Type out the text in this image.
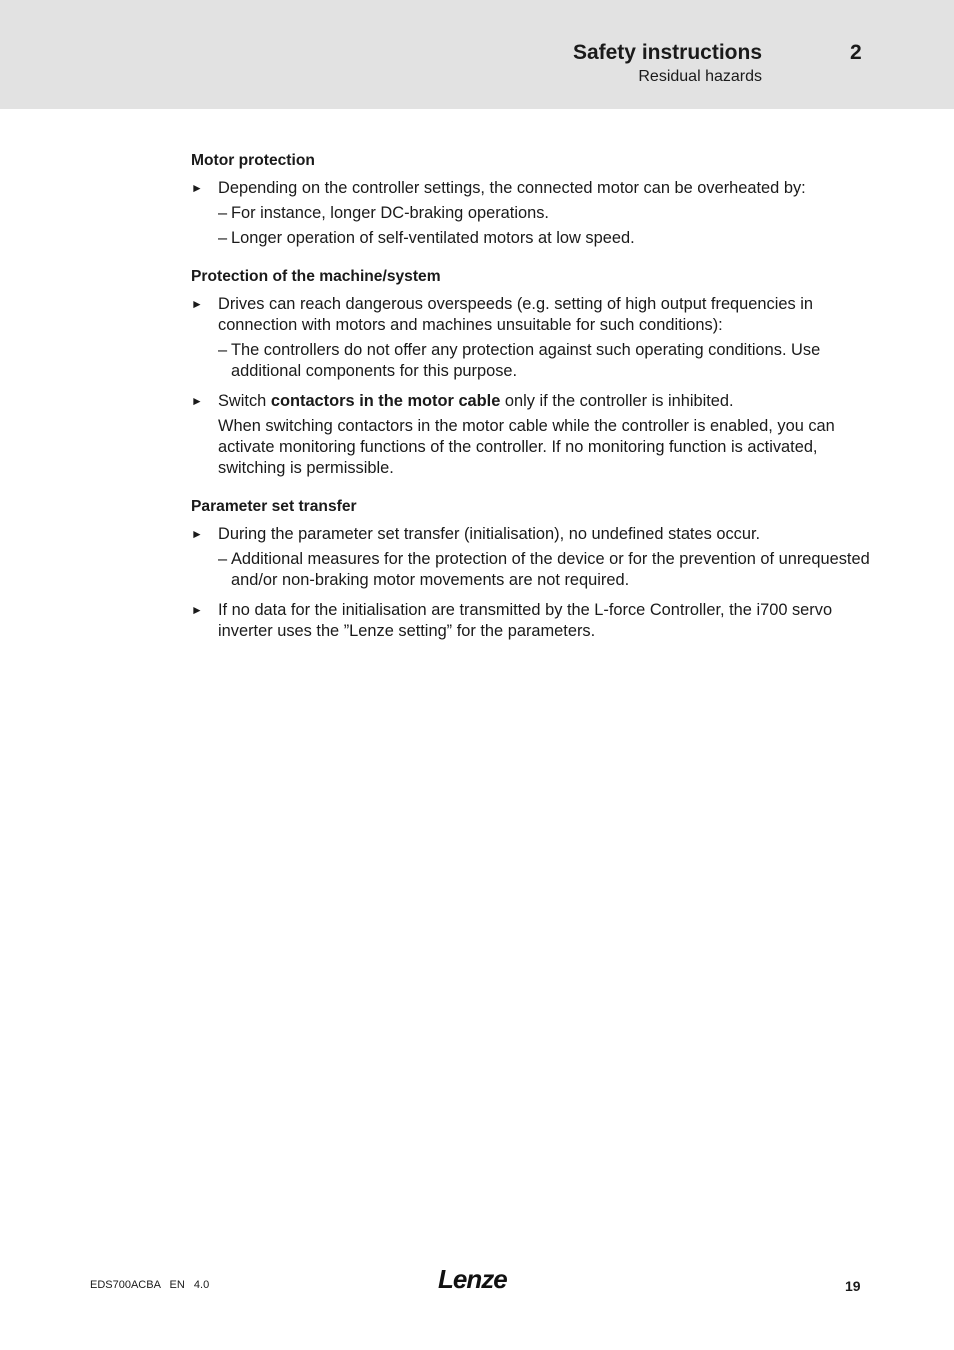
Safety instructions	2
Residual hazards
Motor protection
► Depending on the controller settings, the connected motor can be overheated by:
– For instance, longer DC-braking operations.
– Longer operation of self-ventilated motors at low speed.
Protection of the machine/system
► Drives can reach dangerous overspeeds (e.g. setting of high output frequencies in connection with motors and machines unsuitable for such conditions):
– The controllers do not offer any protection against such operating conditions. Use additional components for this purpose.
► Switch contactors in the motor cable only if the controller is inhibited.
When switching contactors in the motor cable while the controller is enabled, you can activate monitoring functions of the controller. If no monitoring function is activated, switching is permissible.
Parameter set transfer
► During the parameter set transfer (initialisation), no undefined states occur.
– Additional measures for the protection of the device or for the prevention of unrequested and/or non-braking motor movements are not required.
► If no data for the initialisation are transmitted by the L-force Controller, the i700 servo inverter uses the ”Lenze setting” for the parameters.
EDS700ACBA   EN   4.0	Lenze	19
